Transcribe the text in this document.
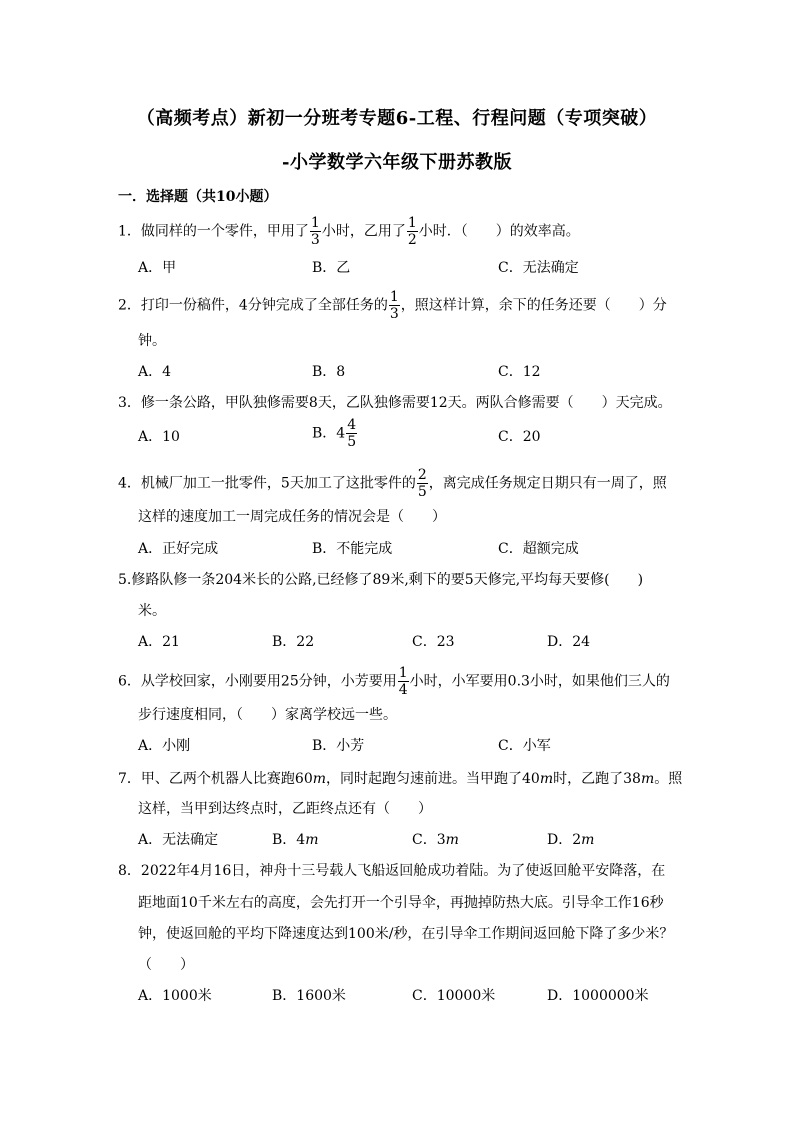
（高频考点）新初一分班考专题6-工程、行程问题（专项突破）
-小学数学六年级下册苏教版
一．选择题（共10小题）
1．做同样的一个零件，甲用了 $\frac{1}{3}$ 小时，乙用了 $\frac{1}{2}$ 小时．（　　）的效率高。
A．甲	B．乙	C．无法确定
2．打印一份稿件，4分钟完成了全部任务的 $\frac{1}{3}$ ，照这样计算，余下的任务还要（　　）分
钟。
A．4	B．8	C．12
3．修一条公路，甲队独修需要8天，乙队独修需要12天。两队合修需要（　　）天完成。
A．10	B．$4 \frac{4}{5}$	C．20
4．机械厂加工一批零件，5天加工了这批零件的 $\frac{2}{5}$ ，离完成任务规定日期只有一周了，照
这样的速度加工一周完成任务的情况会是（　　）
A．正好完成	B．不能完成	C．超额完成
5.修路队修一条204米长的公路,已经修了89米,剩下的要5天修完,平均每天要修(　　)
米。
A．21	B．22	C．23	D．24
6．从学校回家，小刚要用25分钟，小芳要用 $\frac{1}{4}$ 小时，小军要用0.3小时，如果他们三人的
步行速度相同，（　　）家离学校远一些。
A．小刚	B．小芳	C．小军
7．甲、乙两个机器人比赛跑60m，同时起跑匀速前进。当甲跑了40m时，乙跑了38m。照
这样，当甲到达终点时，乙距终点还有（　　）
A．无法确定	B．4m	C．3m	D．2m
8．2022年4月16日，神舟十三号载人飞船返回舱成功着陆。为了使返回舱平安降落，在
距地面10千米左右的高度，会先打开一个引导伞，再抛掉防热大底。引导伞工作16秒
钟，使返回舱的平均下降速度达到100米/秒，在引导伞工作期间返回舱下降了多少米？
（　　）
A．1000米	B．1600米	C．10000米	D．1000000米
